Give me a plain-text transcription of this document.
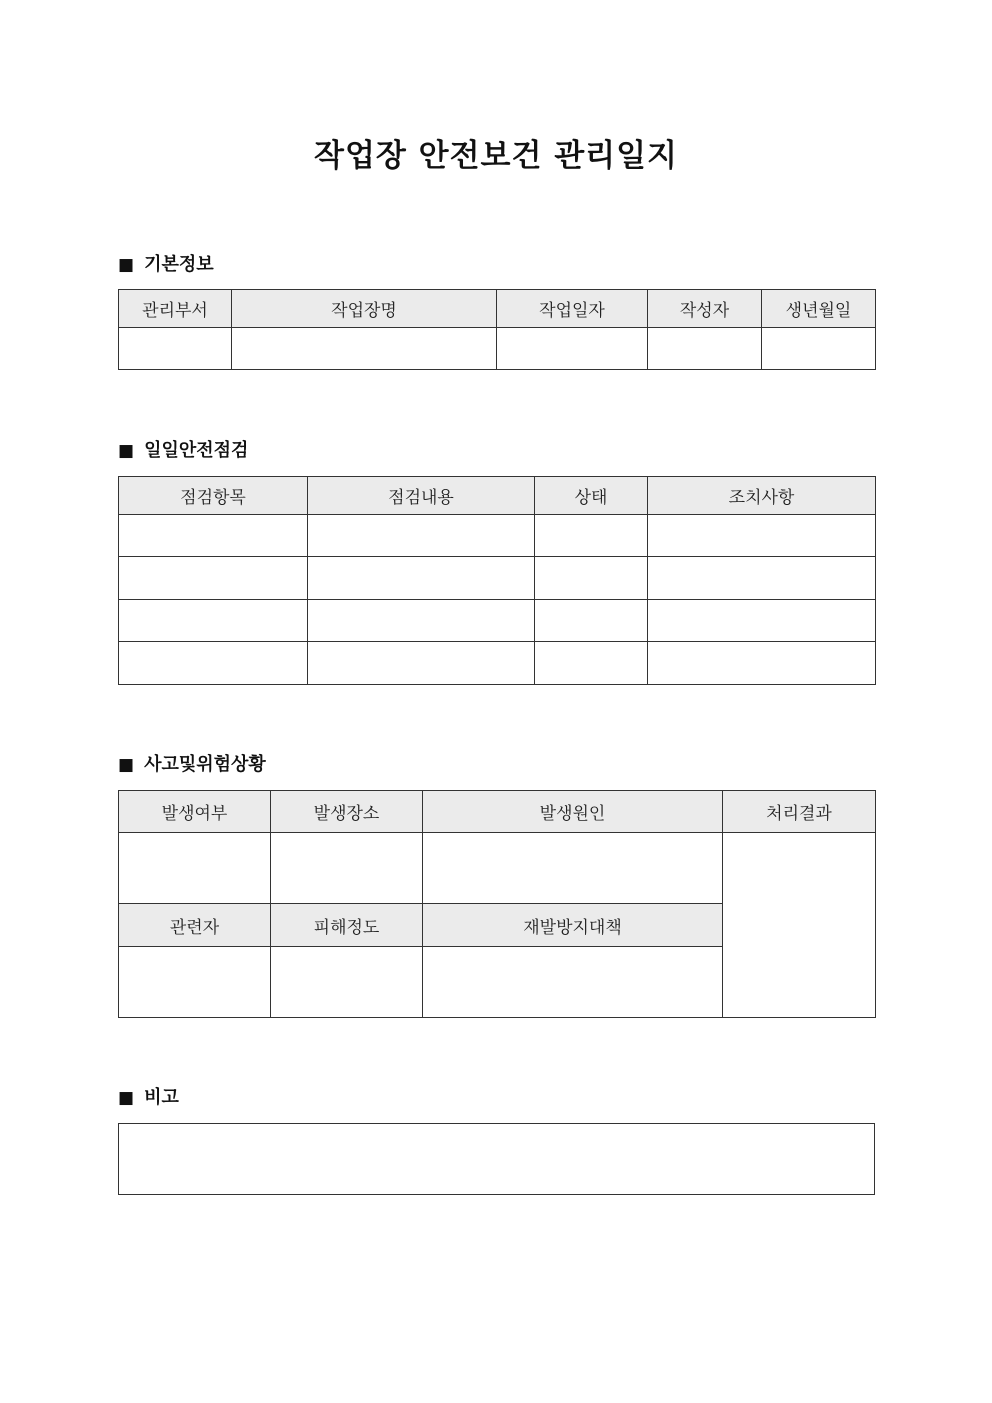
작업장 안전보건 관리일지
■ 기본정보
관리부서	작업장명	작업일자	작성자	생년월일

■ 일일안전점검
점검항목	점검내용	상태	조치사항

■ 사고및위험상황
발생여부	발생장소	발생원인	처리결과

관련자	피해정도	재발방지대책	

■ 비고
